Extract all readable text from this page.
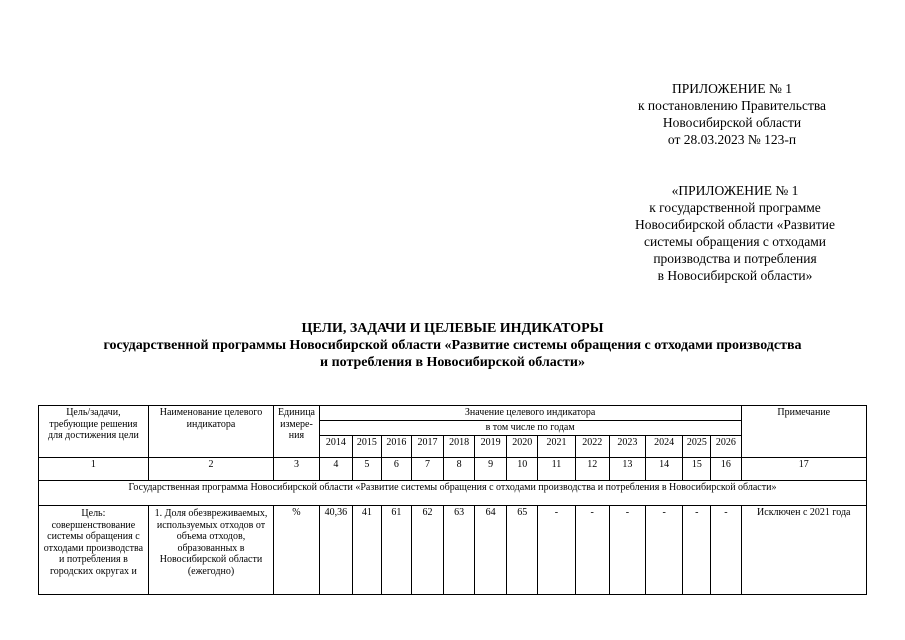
ПРИЛОЖЕНИЕ № 1
к постановлению Правительства
Новосибирской области
от 28.03.2023 № 123-п
«ПРИЛОЖЕНИЕ № 1
к государственной программе
Новосибирской области «Развитие
системы обращения с отходами
производства и потребления
в Новосибирской области»
ЦЕЛИ, ЗАДАЧИ И ЦЕЛЕВЫЕ ИНДИКАТОРЫ
государственной программы Новосибирской области «Развитие системы обращения с отходами производства
и потребления в Новосибирской области»
Цель/задачи, требующие решения для достижения цели	Наименование целевого индикатора	Единица измере-ния	Значение целевого индикатора													Примечание
			в том числе по годам													
			2014	2015	2016	2017	2018	2019	2020	2021	2022	2023	2024	2025	2026	
1	2	3	4	5	6	7	8	9	10	11	12	13	14	15	16	17
Государственная программа Новосибирской области «Развитие системы обращения с отходами производства и потребления в Новосибирской области»																
Цель: совершенствование системы обращения с отходами производства и потребления в городских округах и	1. Доля обезвреживаемых, используемых отходов от объема отходов, образованных в Новосибирской области (ежегодно)	%	40,36	41	61	62	63	64	65	-	-	-	-	-	-	Исключен с 2021 года
